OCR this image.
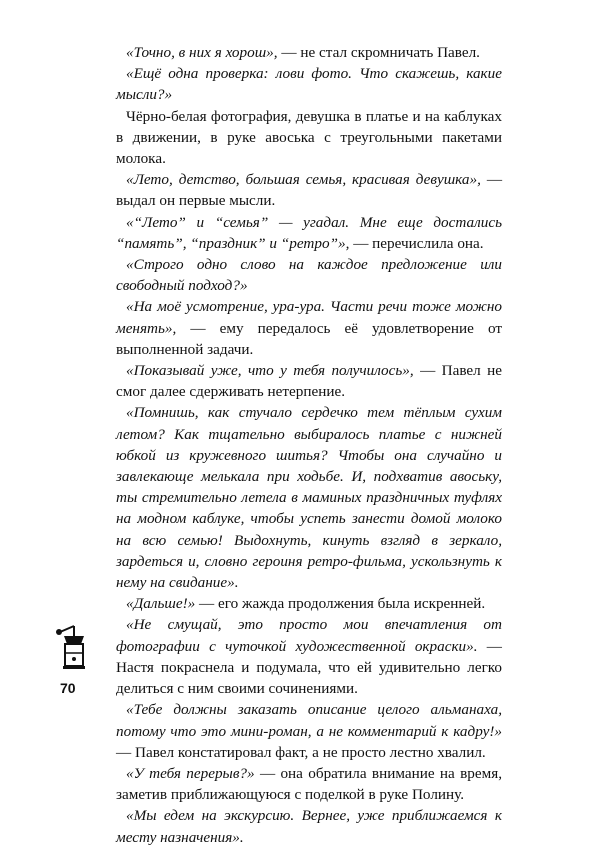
«Точно, в них я хорош», — не стал скромничать Павел.

«Ещё одна проверка: лови фото. Что скажешь, какие мысли?»

Чёрно-белая фотография, девушка в платье и на каблуках в движении, в руке авоська с треугольными пакетами молока.

«Лето, детство, большая семья, красивая девушка», — выдал он первые мысли.

«“Лето” и “семья” — угадал. Мне еще достались “память”, “праздник” и “ретро”», — перечислила она.

«Строго одно слово на каждое предложение или свободный подход?»

«На моё усмотрение, ура-ура. Части речи тоже можно менять», — ему передалось её удовлетворение от выполненной задачи.

«Показывай уже, что у тебя получилось», — Павел не смог далее сдерживать нетерпение.

«Помнишь, как стучало сердечко тем тёплым сухим летом? Как тщательно выбиралось платье с нижней юбкой из кружевного шитья? Чтобы она случайно и завлекающе мелькала при ходьбе. И, подхватив авоську, ты стремительно летела в маминых праздничных туфлях на модном каблуке, чтобы успеть занести домой молоко на всю семью! Выдохнуть, кинуть взгляд в зеркало, зардеться и, словно героиня ретро-фильма, ускользнуть к нему на свидание».

«Дальше!» — его жажда продолжения была искренней.

«Не смущай, это просто мои впечатления от фотографии с чуточкой художественной окраски». — Настя покраснела и подумала, что ей удивительно легко делиться с ним своими сочинениями.

«Тебе должны заказать описание целого альманаха, потому что это мини-роман, а не комментарий к кадру!» — Павел констатировал факт, а не просто лестно хвалил.

«У тебя перерыв?» — она обратила внимание на время, заметив приближающуюся с поделкой в руке Полину.

«Мы едем на экскурсию. Вернее, уже приближаемся к месту назначения».

70
